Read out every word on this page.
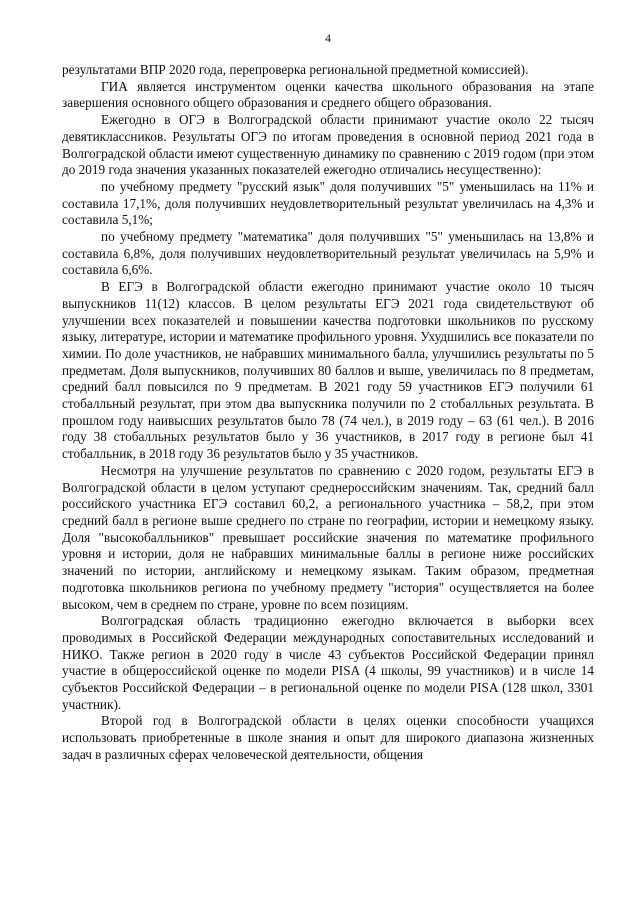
4

результатами ВПР 2020 года, перепроверка региональной предметной комиссией).

ГИА является инструментом оценки качества школьного образования на этапе завершения основного общего образования и среднего общего образования.

Ежегодно в ОГЭ в Волгоградской области принимают участие около 22 тысяч девятиклассников. Результаты ОГЭ по итогам проведения в основной период 2021 года в Волгоградской области имеют существенную динамику по сравнению с 2019 годом (при этом до 2019 года значения указанных показателей ежегодно отличались несущественно):

по учебному предмету "русский язык" доля получивших "5" уменьшилась на 11% и составила 17,1%, доля получивших неудовлетворительный результат увеличилась на 4,3% и составила 5,1%;

по учебному предмету "математика" доля получивших "5" уменьшилась на 13,8% и составила 6,8%, доля получивших неудовлетворительный результат увеличилась на 5,9% и составила 6,6%.

В ЕГЭ в Волгоградской области ежегодно принимают участие около 10 тысяч выпускников 11(12) классов. В целом результаты ЕГЭ 2021 года свидетельствуют об улучшении всех показателей и повышении качества подготовки школьников по русскому языку, литературе, истории и математике профильного уровня. Ухудшились все показатели по химии. По доле участников, не набравших минимального балла, улучшились результаты по 5 предметам. Доля выпускников, получивших 80 баллов и выше, увеличилась по 8 предметам, средний балл повысился по 9 предметам. В 2021 году 59 участников ЕГЭ получили 61 стобалльный результат, при этом два выпускника получили по 2 стобалльных результата. В прошлом году наивысших результатов было 78 (74 чел.), в 2019 году – 63 (61 чел.). В 2016 году 38 стобалльных результатов было у 36 участников, в 2017 году в регионе был 41 стобалльник, в 2018 году 36 результатов было у 35 участников.

Несмотря на улучшение результатов по сравнению с 2020 годом, результаты ЕГЭ в Волгоградской области в целом уступают среднероссийским значениям. Так, средний балл российского участника ЕГЭ составил 60,2, а регионального участника – 58,2, при этом средний балл в регионе выше среднего по стране по географии, истории и немецкому языку. Доля "высокобалльников" превышает российские значения по математике профильного уровня и истории, доля не набравших минимальные баллы в регионе ниже российских значений по истории, английскому и немецкому языкам. Таким образом, предметная подготовка школьников региона по учебному предмету "история" осуществляется на более высоком, чем в среднем по стране, уровне по всем позициям.

Волгоградская область традиционно ежегодно включается в выборки всех проводимых в Российской Федерации международных сопоставительных исследований и НИКО. Также регион в 2020 году в числе 43 субъектов Российской Федерации принял участие в общероссийской оценке по модели PISA (4 школы, 99 участников) и в числе 14 субъектов Российской Федерации – в региональной оценке по модели PISA (128 школ, 3301 участник).

Второй год в Волгоградской области в целях оценки способности учащихся использовать приобретенные в школе знания и опыт для широкого диапазона жизненных задач в различных сферах человеческой деятельности, общения
